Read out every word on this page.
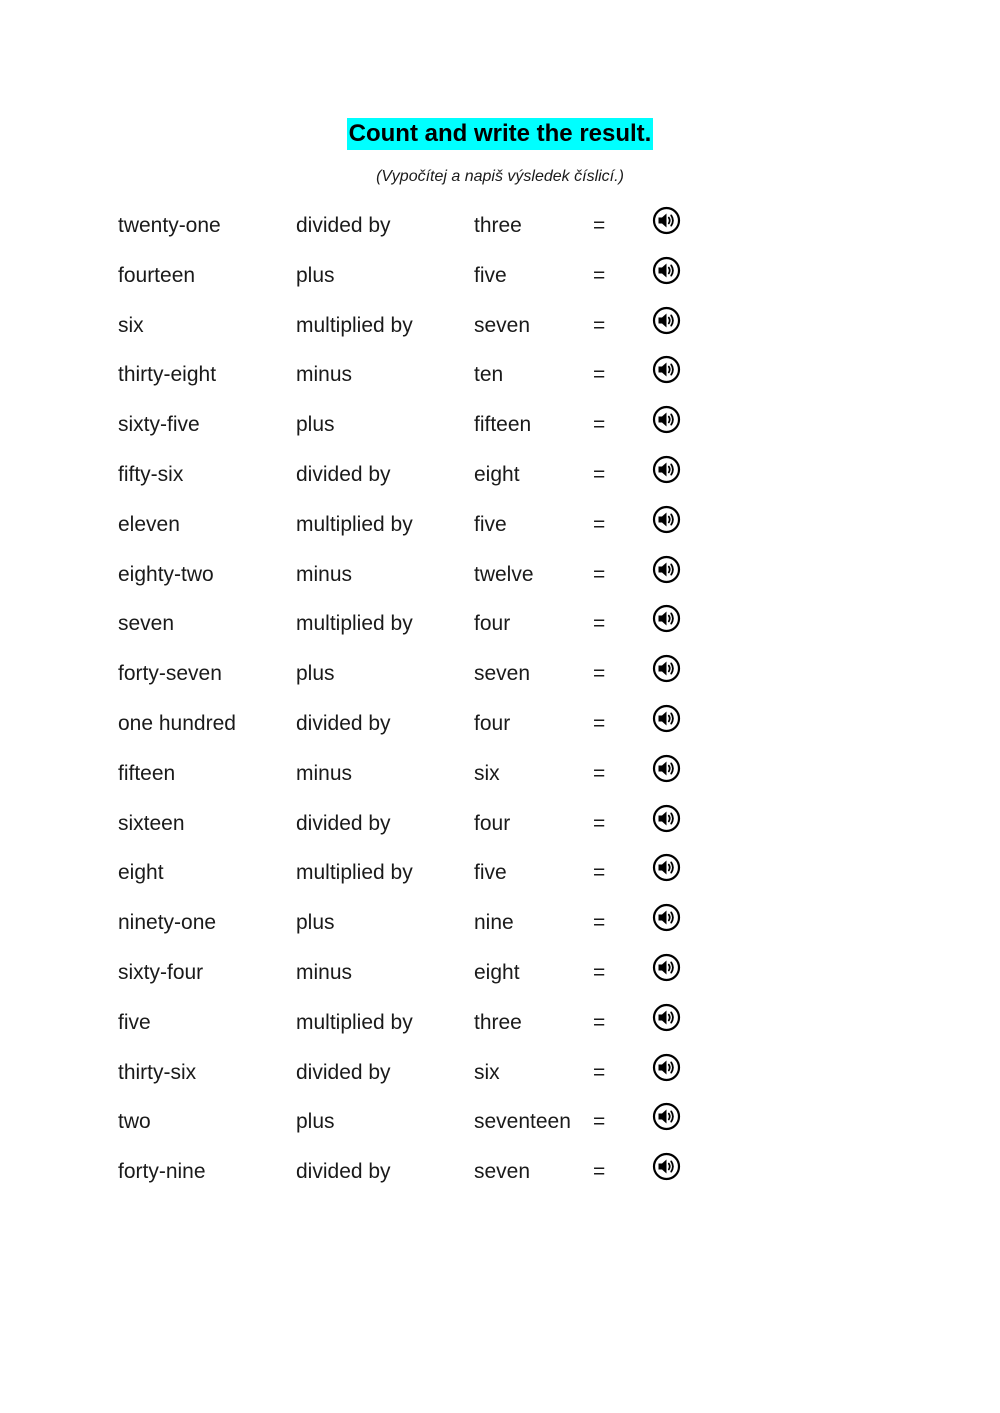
Count and write the result.
(Vypočítej a napiš výsledek číslicí.)
twenty-one	divided by	three	=
fourteen	plus	five	=
six	multiplied by	seven	=
thirty-eight	minus	ten	=
sixty-five	plus	fifteen	=
fifty-six	divided by	eight	=
eleven	multiplied by	five	=
eighty-two	minus	twelve	=
seven	multiplied by	four	=
forty-seven	plus	seven	=
one hundred	divided by	four	=
fifteen	minus	six	=
sixteen	divided by	four	=
eight	multiplied by	five	=
ninety-one	plus	nine	=
sixty-four	minus	eight	=
five	multiplied by	three	=
thirty-six	divided by	six	=
two	plus	seventeen =
forty-nine	divided by	seven	=
